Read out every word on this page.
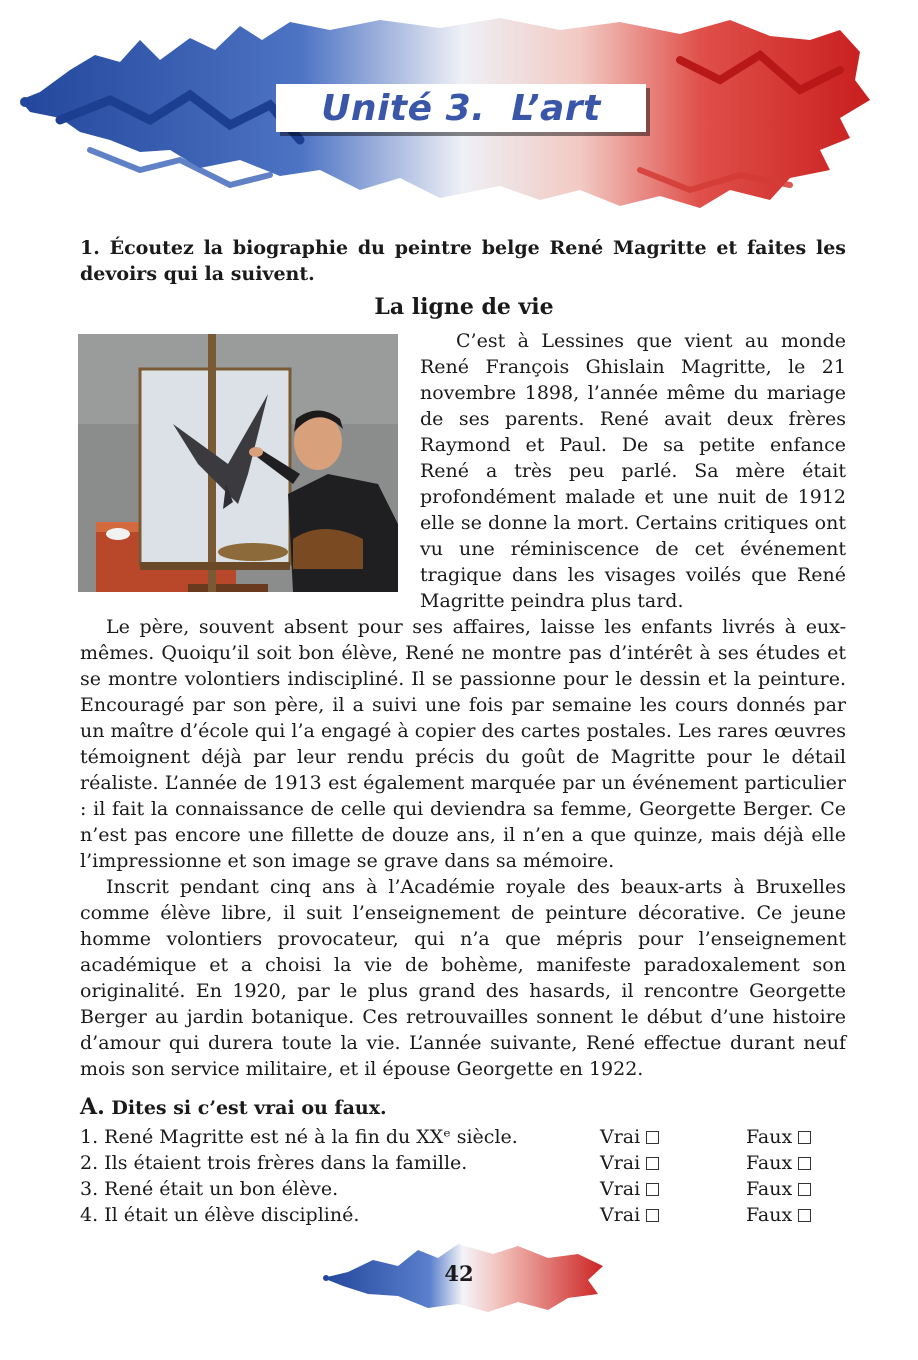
Unité 3.  L’art
1. Écoutez la biographie du peintre belge René Magritte et faites les devoirs qui la suivent.
La ligne de vie

C’est à Lessines que vient au monde René François Ghislain Magritte, le 21 novembre 1898, l’année même du mariage de ses parents. René avait deux frères Raymond et Paul. De sa petite enfance René a très peu parlé. Sa mère était profondément malade et une nuit de 1912 elle se donne la mort. Certains critiques ont vu une réminiscence de cet événement tragique dans les visages voilés que René Magritte peindra plus tard.

Le père, souvent absent pour ses affaires, laisse les enfants livrés à eux-mêmes. Quoiqu’il soit bon élève, René ne montre pas d’intérêt à ses études et se montre volontiers indiscipliné. Il se passionne pour le dessin et la peinture. Encouragé par son père, il a suivi une fois par semaine les cours donnés par un maître d’école qui l’a engagé à copier des cartes postales. Les rares œuvres témoignent déjà par leur rendu précis du goût de Magritte pour le détail réaliste. L’année de 1913 est également marquée par un événement particulier : il fait la connaissance de celle qui deviendra sa femme, Georgette Berger. Ce n’est pas encore une fillette de douze ans, il n’en a que quinze, mais déjà elle l’impressionne et son image se grave dans sa mémoire.

Inscrit pendant cinq ans à l’Académie royale des beaux-arts à Bruxelles comme élève libre, il suit l’enseignement de peinture décorative. Ce jeune homme volontiers provocateur, qui n’a que mépris pour l’enseignement académique et a choisi la vie de bohème, manifeste paradoxalement son originalité. En 1920, par le plus grand des hasards, il rencontre Georgette Berger au jardin botanique. Ces retrouvailles sonnent le début d’une histoire d’amour qui durera toute la vie. L’année suivante, René effectue durant neuf mois son service militaire, et il épouse Georgette en 1922.

A. Dites si c’est vrai ou faux.
1. René Magritte est né à la fin du XXᵉ siècle.	Vrai	Faux
2. Ils étaient trois frères dans la famille.	Vrai	Faux
3. René était un bon élève.	Vrai	Faux
4. Il était un élève discipliné.	Vrai	Faux
42
